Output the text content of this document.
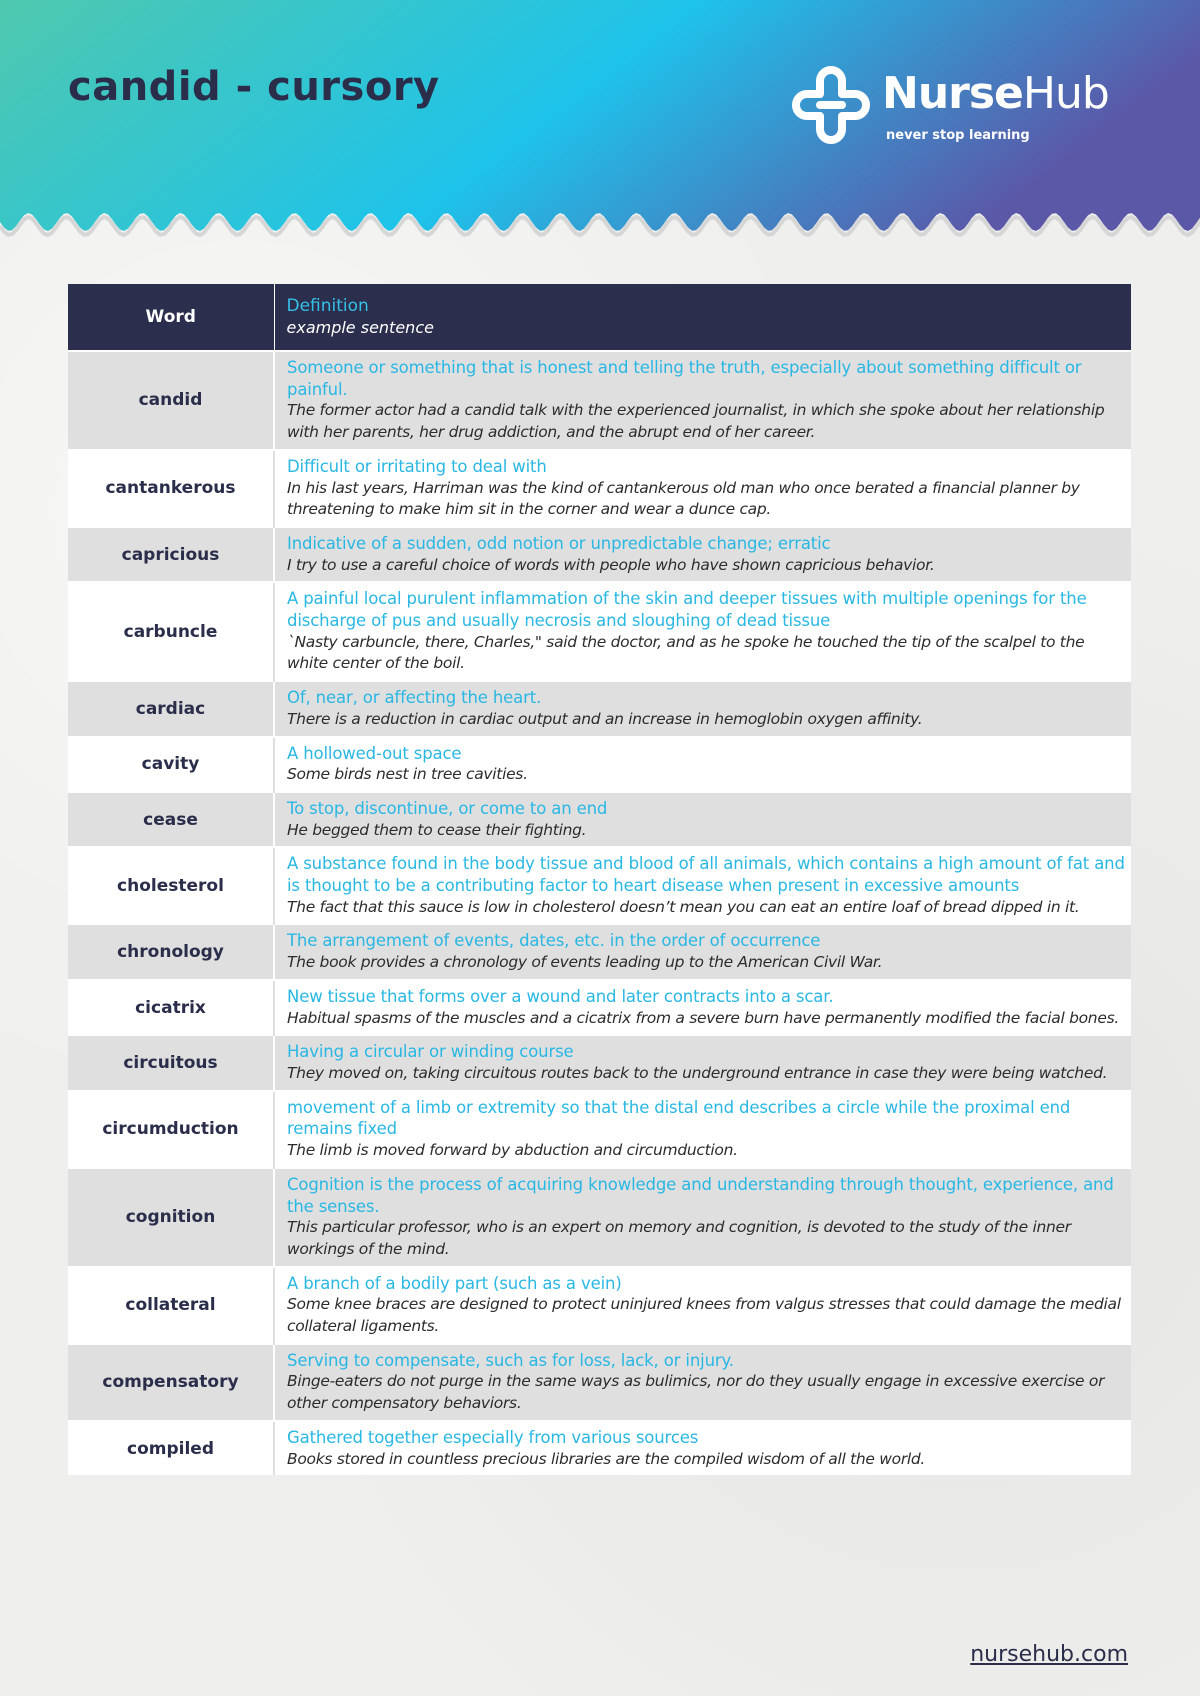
candid - cursory	NurseHub
never stop learning
Word	Definition
example sentence

candid	Someone or something that is honest and telling the truth, especially about something difficult or painful.
The former actor had a candid talk with the experienced journalist, in which she spoke about her relationship with her parents, her drug addiction, and the abrupt end of her career.

cantankerous	Difficult or irritating to deal with
In his last years, Harriman was the kind of cantankerous old man who once berated a financial planner by threatening to make him sit in the corner and wear a dunce cap.

capricious	Indicative of a sudden, odd notion or unpredictable change; erratic
I try to use a careful choice of words with people who have shown capricious behavior.

carbuncle	A painful local purulent inflammation of the skin and deeper tissues with multiple openings for the discharge of pus and usually necrosis and sloughing of dead tissue
`Nasty carbuncle, there, Charles," said the doctor, and as he spoke he touched the tip of the scalpel to the white center of the boil.

cardiac	Of, near, or affecting the heart.
There is a reduction in cardiac output and an increase in hemoglobin oxygen affinity.

cavity	A hollowed-out space
Some birds nest in tree cavities.

cease	To stop, discontinue, or come to an end
He begged them to cease their fighting.

cholesterol	A substance found in the body tissue and blood of all animals, which contains a high amount of fat and is thought to be a contributing factor to heart disease when present in excessive amounts
The fact that this sauce is low in cholesterol doesn’t mean you can eat an entire loaf of bread dipped in it.

chronology	The arrangement of events, dates, etc. in the order of occurrence
The book provides a chronology of events leading up to the American Civil War.

cicatrix	New tissue that forms over a wound and later contracts into a scar.
Habitual spasms of the muscles and a cicatrix from a severe burn have permanently modified the facial bones.

circuitous	Having a circular or winding course
They moved on, taking circuitous routes back to the underground entrance in case they were being watched.

circumduction	movement of a limb or extremity so that the distal end describes a circle while the proximal end remains fixed
The limb is moved forward by abduction and circumduction.

cognition	Cognition is the process of acquiring knowledge and understanding through thought, experience, and the senses.
This particular professor, who is an expert on memory and cognition, is devoted to the study of the inner workings of the mind.

collateral	A branch of a bodily part (such as a vein)
Some knee braces are designed to protect uninjured knees from valgus stresses that could damage the medial collateral ligaments.

compensatory	Serving to compensate, such as for loss, lack, or injury.
Binge-eaters do not purge in the same ways as bulimics, nor do they usually engage in excessive exercise or other compensatory behaviors.

compiled	Gathered together especially from various sources
Books stored in countless precious libraries are the compiled wisdom of all the world.
nursehub.com
